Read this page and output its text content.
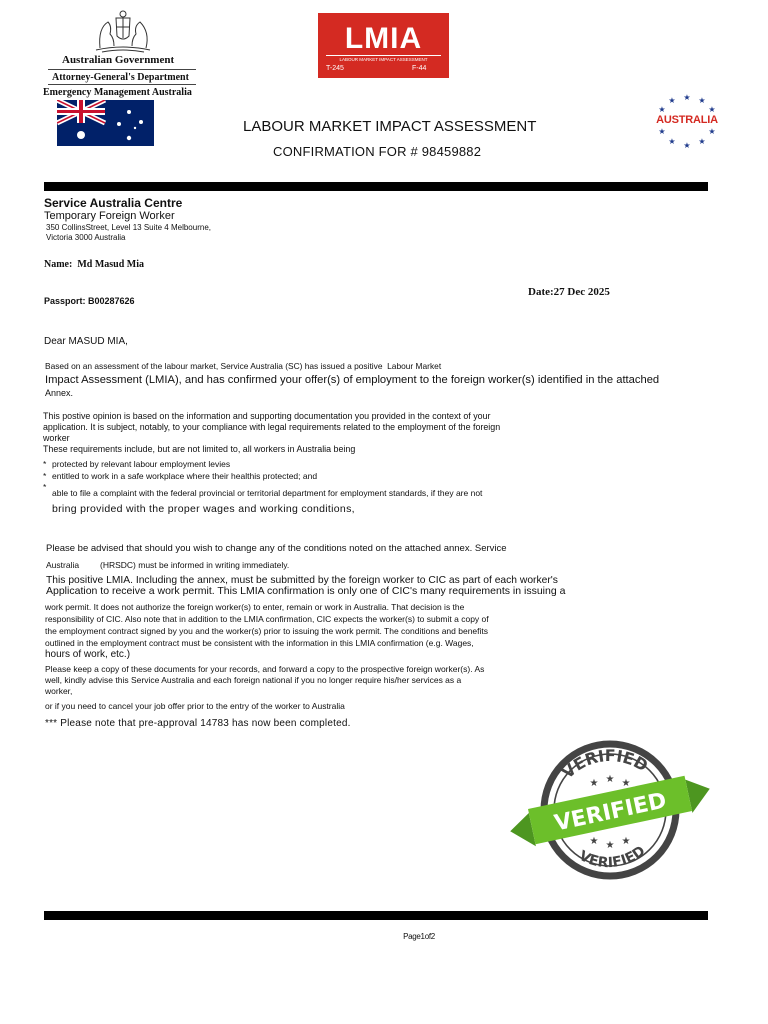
Australian Government
Attorney-General's Department
Emergency Management Australia
LMIA
LABOUR MARKET IMPACT ASSESSMENT
T-245	F-44
★ ★
★
★
★
★
★
★
★
★
AUSTRALIA
LABOUR MARKET IMPACT ASSESSMENT
CONFIRMATION FOR # 98459882
Service Australia Centre
Temporary Foreign Worker
350 CollinsStreet, Level 13 Suite 4 Melbourne,
Victoria 3000 Australia
Name:  Md Masud Mia
Date:27 Dec 2025
Passport: B00287626
Dear MASUD MIA,
Based on an assessment of the labour market, Service Australia (SC) has issued a positive  Labour Market
Impact Assessment (LMIA), and has confirmed your offer(s) of employment to the foreign worker(s) identified in the attached
Annex.
This postive opinion is based on the information and supporting documentation you provided in the context of your
application. It is subject, notably, to your compliance with legal requirements related to the employment of the foreign
worker
These requirements include, but are not limited to, all workers in Australia being
* protected by relevant labour employment levies
* entitled to work in a safe workplace where their healthis protected; and
*
able to file a complaint with the federal provincial or territorial department for employment standards, if they are not
bring provided with the proper wages and working conditions,
Please be advised that should you wish to change any of the conditions noted on the attached annex. Service
Australia (HRSDC) must be informed in writing immediately.
This positive LMIA. Including the annex, must be submitted by the foreign worker to CIC as part of each worker's
Application to receive a work permit. This LMIA confirmation is only one of CIC's many requirements in issuing a
work permit. It does not authorize the foreign worker(s) to enter, remain or work in Australia. That decision is the
responsibility of CIC. Also note that in addition to the LMIA confirmation, CIC expects the worker(s) to submit a copy of
the employment contract signed by you and the worker(s) prior to issuing the work permit. The conditions and benefits
outlined in the employment contract must be consistent with the information in this LMIA confirmation (e.g. Wages,
hours of work, etc.)
Please keep a copy of these documents for your records, and forward a copy to the prospective foreign worker(s). As
well, kindly advise this Service Australia and each foreign national if you no longer require his/her services as a
worker,
or if you need to cancel your job offer prior to the entry of the worker to Australia
*** Please note that pre-approval 14783 has now been completed.
VERIFIED
VERIFIED
★ ★ ★
★ ★ ★
VERIFIED
Page1of2
